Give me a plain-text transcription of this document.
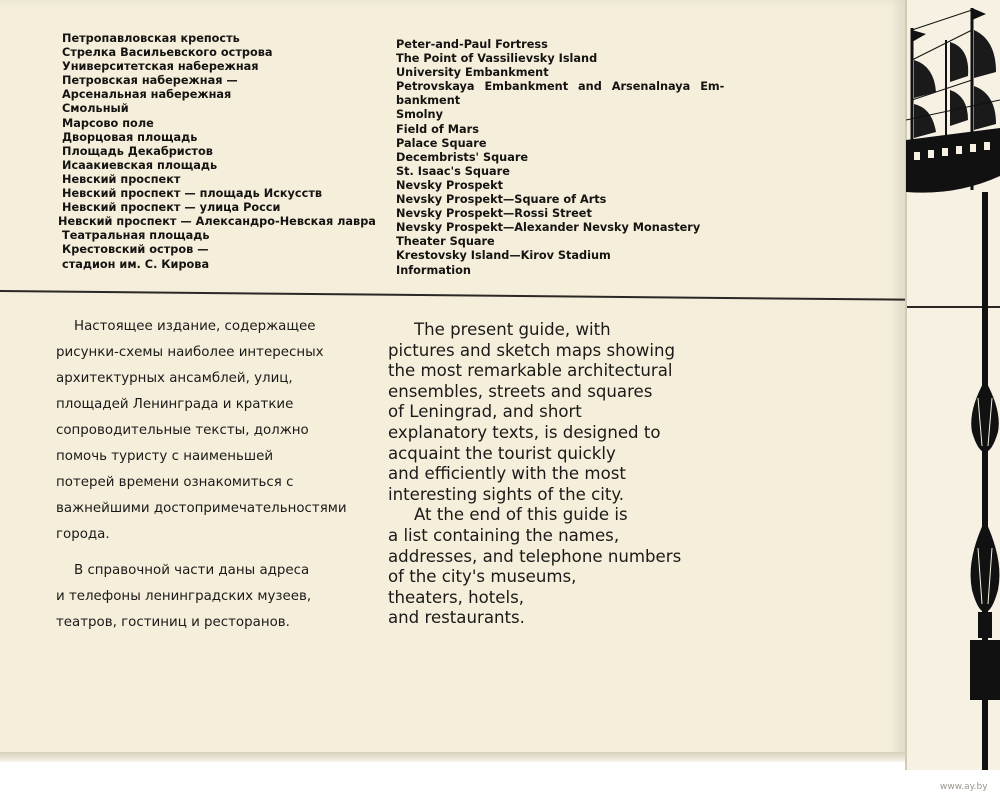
Петропавловская крепость
Стрелка Васильевского острова
Университетская набережная
Петровская набережная —
Арсенальная набережная
Смольный
Марсово поле
Дворцовая площадь
Площадь Декабристов
Исаакиевская площадь
Невский проспект
Невский проспект — площадь Искусств
Невский проспект — улица Росси
Невский проспект — Александро-Невская лавра
Театральная площадь
Крестовский остров —
стадион им. С. Кирова
Peter-and-Paul Fortress
The Point of Vassilievsky Island
University Embankment
Petrovskaya Embankment and Arsenalnaya Em-
bankment
Smolny
Field of Mars
Palace Square
Decembrists' Square
St. Isaac's Square
Nevsky Prospekt
Nevsky Prospekt—Square of Arts
Nevsky Prospekt—Rossi Street
Nevsky Prospekt—Alexander Nevsky Monastery
Theater Square
Krestovsky Island—Kirov Stadium
Information

Настоящее издание, содержащее
рисунки-схемы наиболее интересных
архитектурных ансамблей, улиц,
площадей Ленинграда и краткие
сопроводительные тексты, должно
помочь туристу с наименьшей
потерей времени ознакомиться с
важнейшими достопримечательностями
города.

В справочной части даны адреса
и телефоны ленинградских музеев,
театров, гостиниц и ресторанов.

The present guide, with
pictures and sketch maps showing
the most remarkable architectural
ensembles, streets and squares
of Leningrad, and short
explanatory texts, is designed to
acquaint the tourist quickly
and efficiently with the most
interesting sights of the city.
At the end of this guide is
a list containing the names,
addresses, and telephone numbers
of the city's museums,
theaters, hotels,
and restaurants.
www.ay.by
